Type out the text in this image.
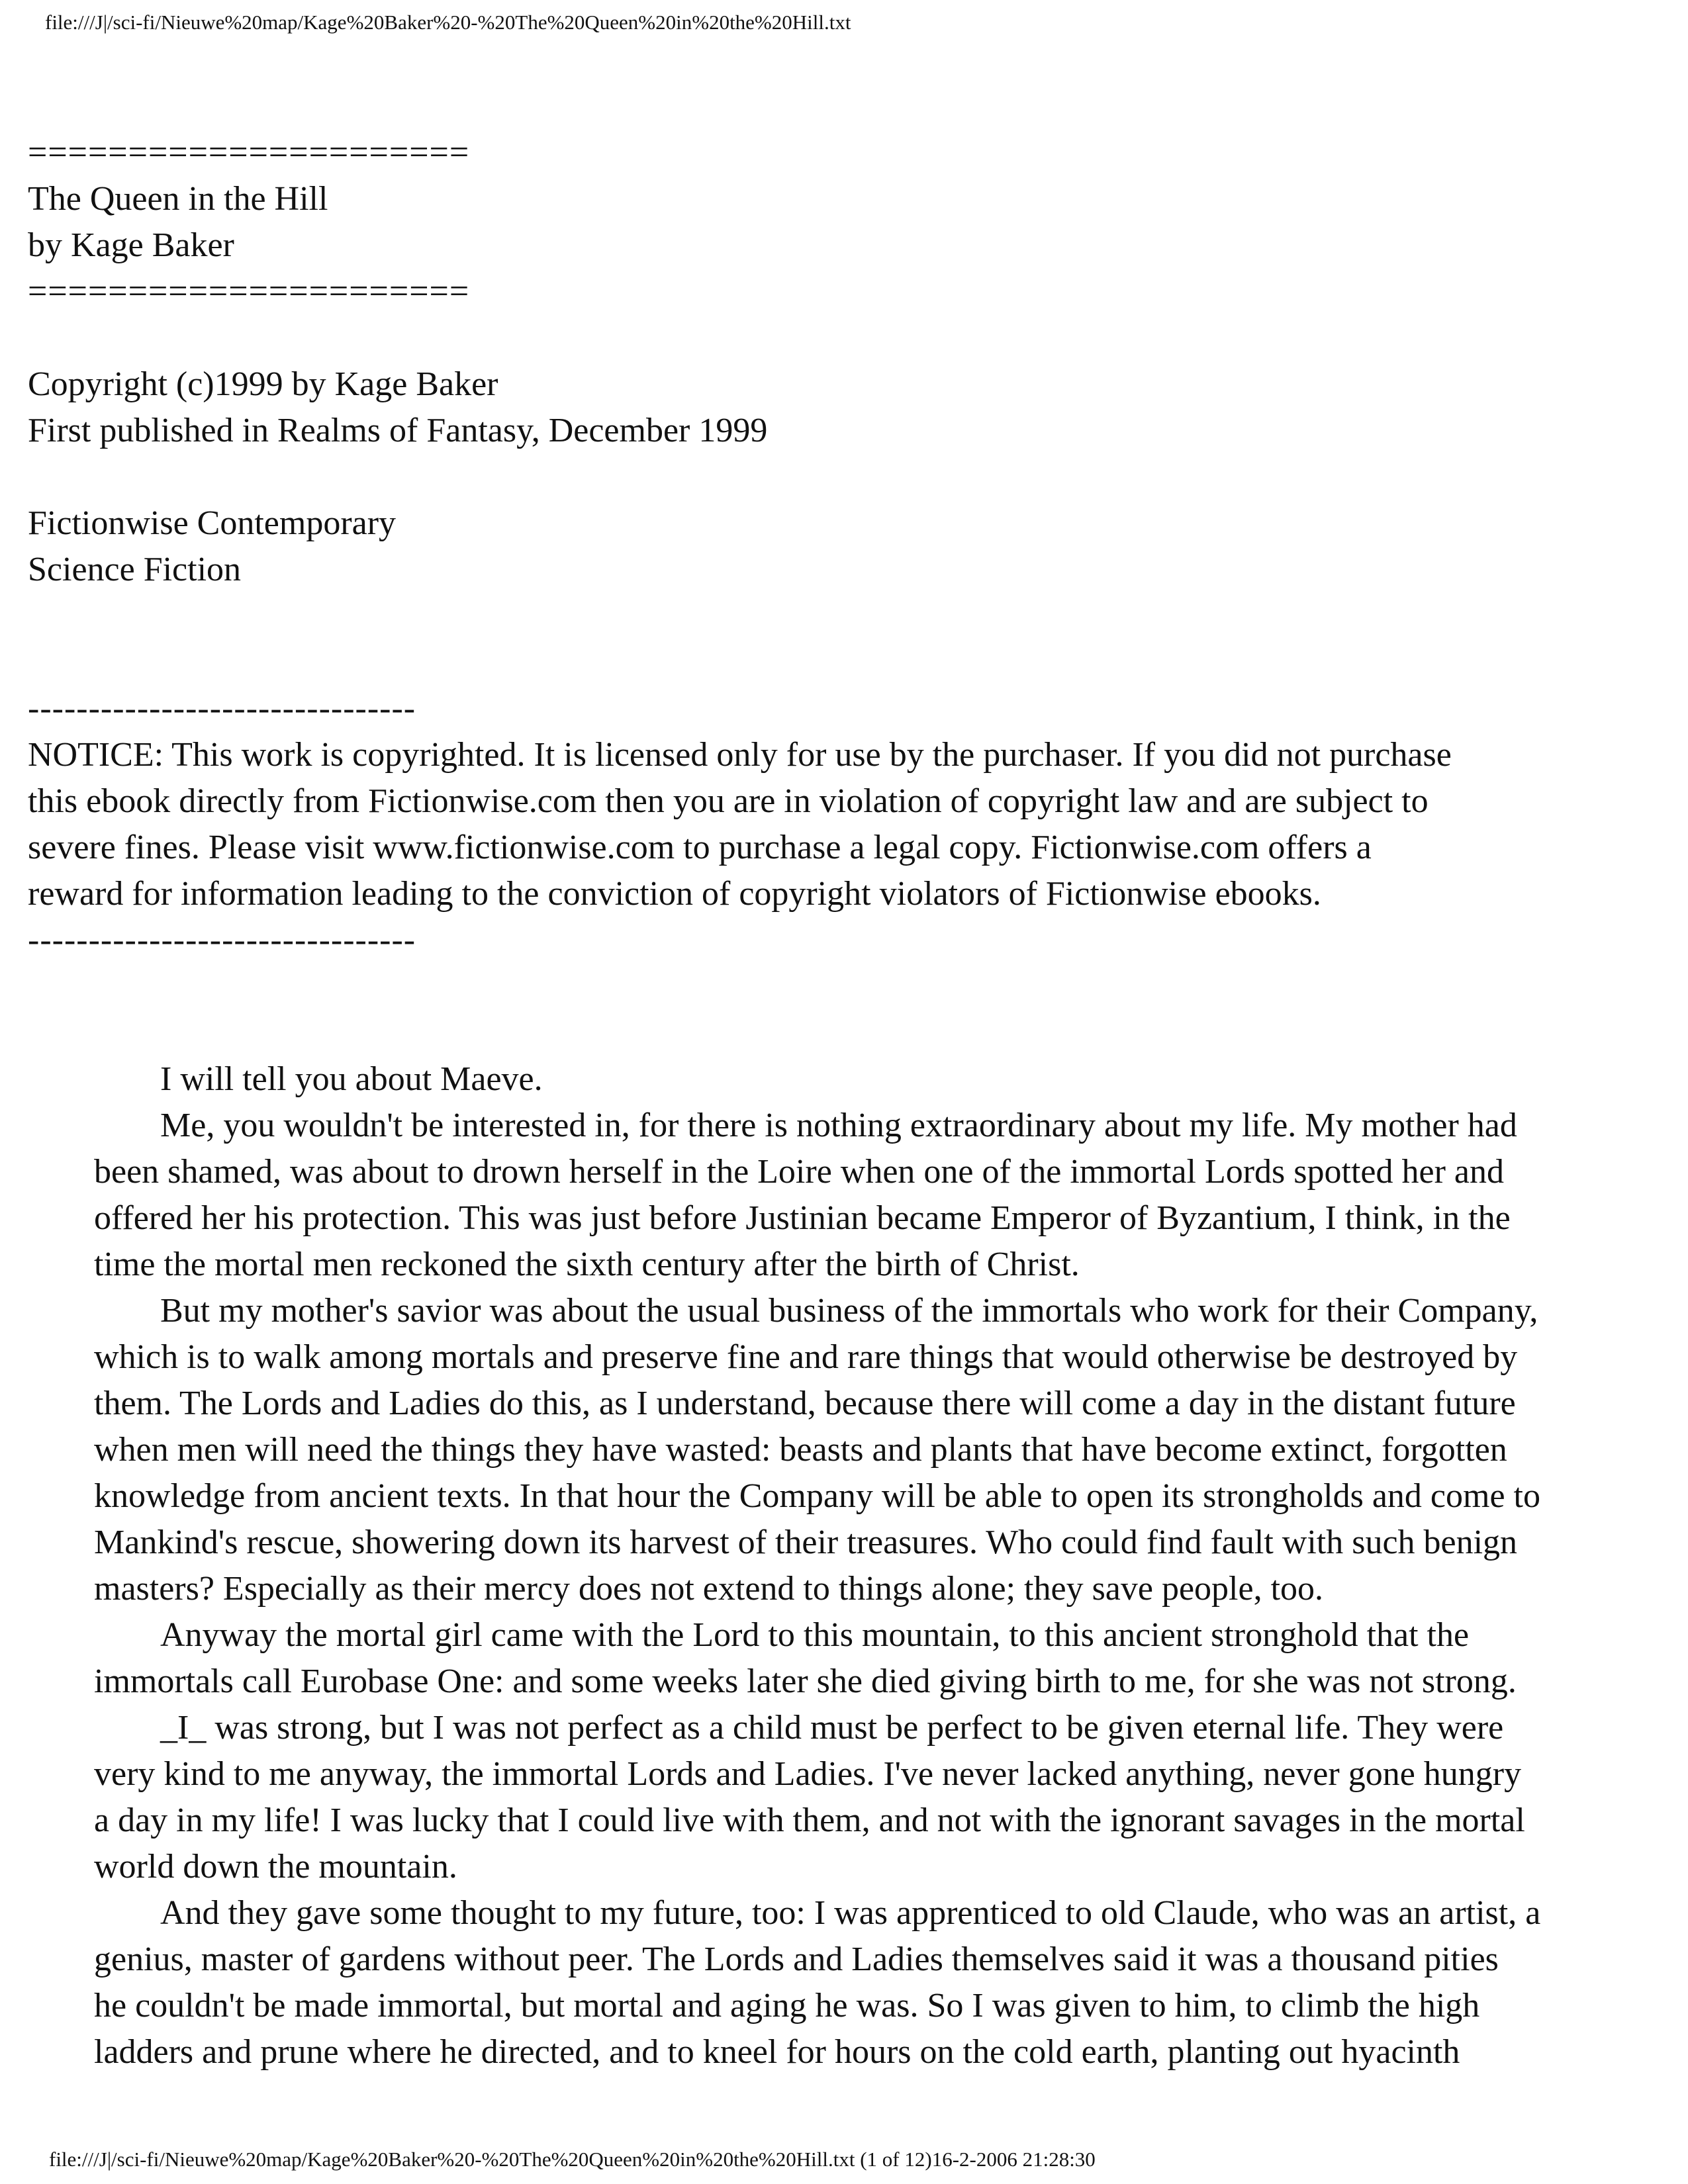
file:///J|/sci-fi/Nieuwe%20map/Kage%20Baker%20-%20The%20Queen%20in%20the%20Hill.txt
======================
The Queen in the Hill
by Kage Baker
======================
Copyright (c)1999 by Kage Baker
First published in Realms of Fantasy, December 1999
Fictionwise Contemporary
Science Fiction
--------------------------------
NOTICE: This work is copyrighted. It is licensed only for use by the purchaser. If you did not purchase
this ebook directly from Fictionwise.com then you are in violation of copyright law and are subject to
severe fines. Please visit www.fictionwise.com to purchase a legal copy. Fictionwise.com offers a
reward for information leading to the conviction of copyright violators of Fictionwise ebooks.
--------------------------------
I will tell you about Maeve.
Me, you wouldn't be interested in, for there is nothing extraordinary about my life. My mother had
been shamed, was about to drown herself in the Loire when one of the immortal Lords spotted her and
offered her his protection. This was just before Justinian became Emperor of Byzantium, I think, in the
time the mortal men reckoned the sixth century after the birth of Christ.
But my mother's savior was about the usual business of the immortals who work for their Company,
which is to walk among mortals and preserve fine and rare things that would otherwise be destroyed by
them. The Lords and Ladies do this, as I understand, because there will come a day in the distant future
when men will need the things they have wasted: beasts and plants that have become extinct, forgotten
knowledge from ancient texts. In that hour the Company will be able to open its strongholds and come to
Mankind's rescue, showering down its harvest of their treasures. Who could find fault with such benign
masters? Especially as their mercy does not extend to things alone; they save people, too.
Anyway the mortal girl came with the Lord to this mountain, to this ancient stronghold that the
immortals call Eurobase One: and some weeks later she died giving birth to me, for she was not strong.
_I_ was strong, but I was not perfect as a child must be perfect to be given eternal life. They were
very kind to me anyway, the immortal Lords and Ladies. I've never lacked anything, never gone hungry
a day in my life! I was lucky that I could live with them, and not with the ignorant savages in the mortal
world down the mountain.
And they gave some thought to my future, too: I was apprenticed to old Claude, who was an artist, a
genius, master of gardens without peer. The Lords and Ladies themselves said it was a thousand pities
he couldn't be made immortal, but mortal and aging he was. So I was given to him, to climb the high
ladders and prune where he directed, and to kneel for hours on the cold earth, planting out hyacinth
file:///J|/sci-fi/Nieuwe%20map/Kage%20Baker%20-%20The%20Queen%20in%20the%20Hill.txt (1 of 12)16-2-2006 21:28:30
